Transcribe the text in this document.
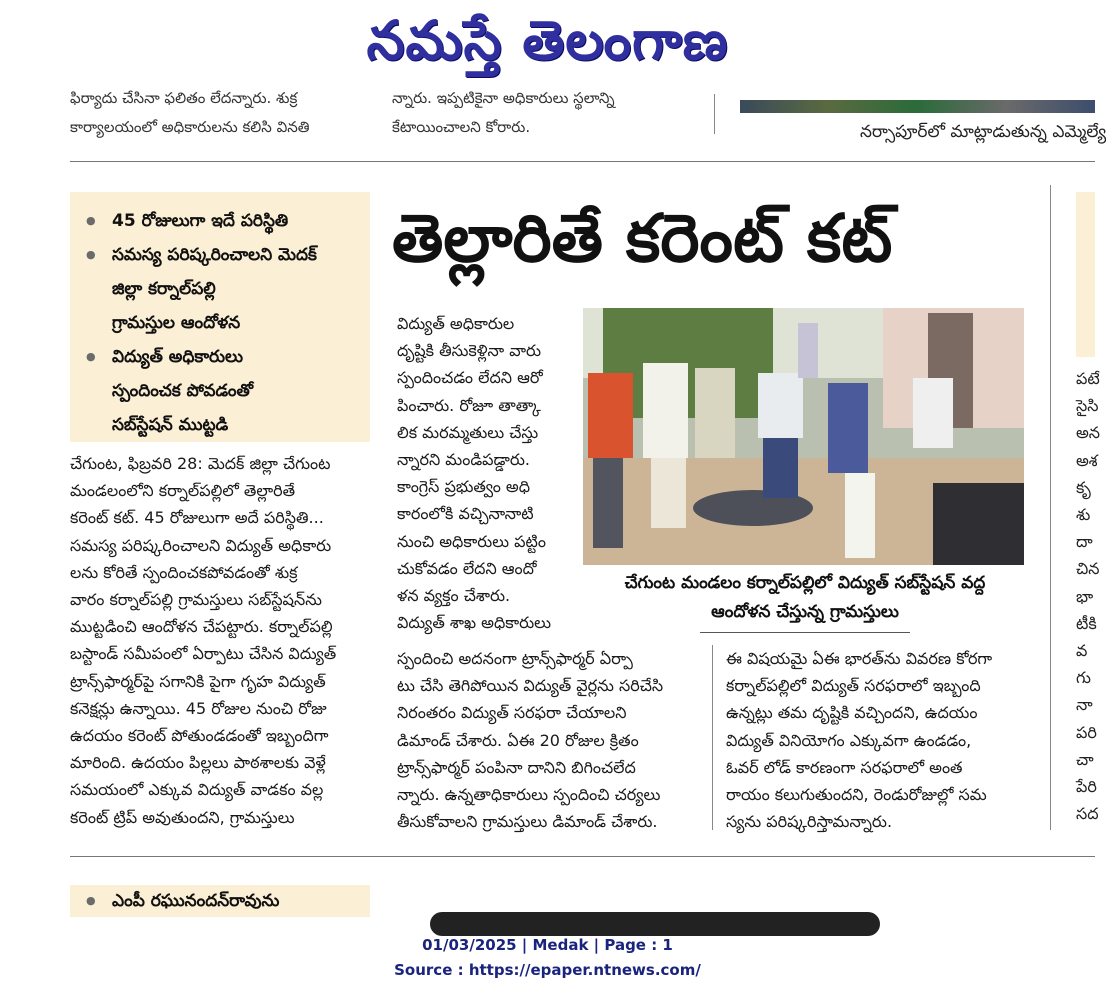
నమస్తే తెలంగాణ
ఫిర్యాదు చేసినా ఫలితం లేదన్నారు. శుక్ర
కార్యాలయంలో అధికారులను కలిసి వినతి
న్నారు. ఇప్పటికైనా అధికారులు స్థలాన్ని
కేటాయించాలని కోరారు.	నర్సాపూర్‌లో మాట్లాడుతున్న ఎమ్మెల్యే
● 45 రోజులుగా ఇదే పరిస్థితి
● సమస్య పరిష్కరించాలని మెదక్
జిల్లా కర్నాల్‌పల్లి
గ్రామస్తుల ఆందోళన
● విద్యుత్ అధికారులు
స్పందించక పోవడంతో
సబ్‌స్టేషన్ ముట్టడి
తెల్లారితే కరెంట్ కట్
చేగుంట, ఫిబ్రవరి 28: మెదక్ జిల్లా చేగుంట
మండలంలోని కర్నాల్‌పల్లిలో తెల్లారితే
కరెంట్ కట్. 45 రోజులుగా అదే పరిస్థితి...
సమస్య పరిష్కరించాలని విద్యుత్ అధికారు
లను కోరితే స్పందించకపోవడంతో శుక్ర
వారం కర్నాల్‌పల్లి గ్రామస్తులు సబ్‌స్టేషన్‌ను
ముట్టడించి ఆందోళన చేపట్టారు. కర్నాల్‌పల్లి
బస్టాండ్ సమీపంలో ఏర్పాటు చేసిన విద్యుత్
ట్రాన్స్‌ఫార్మర్‌పై సగానికి పైగా గృహ విద్యుత్
కనెక్షన్లు ఉన్నాయి. 45 రోజుల నుంచి రోజు
ఉదయం కరెంట్ పోతుండడంతో ఇబ్బందిగా
మారింది. ఉదయం పిల్లలు పాఠశాలకు వెళ్లే
సమయంలో ఎక్కువ విద్యుత్ వాడకం వల్ల
కరెంట్ ట్రిప్ అవుతుందని, గ్రామస్తులు
విద్యుత్ అధికారుల
దృష్టికి తీసుకెళ్లినా వారు
స్పందించడం లేదని ఆరో
పించారు. రోజూ తాత్కా
లిక మరమ్మతులు చేస్తు
న్నారని మండిపడ్డారు.
కాంగ్రెస్ ప్రభుత్వం అధి
కారంలోకి వచ్చినానాటి
నుంచి అధికారులు పట్టిం
చుకోవడం లేదని ఆందో
ళన వ్యక్తం చేశారు.
విద్యుత్ శాఖ అధికారులు
స్పందించి అదనంగా ట్రాన్స్‌ఫార్మర్ ఏర్పా
టు చేసి తెగిపోయిన విద్యుత్ వైర్లను సరిచేసి
నిరంతరం విద్యుత్ సరఫరా చేయాలని
డిమాండ్ చేశారు. ఏఈ 20 రోజుల క్రితం
ట్రాన్స్‌ఫార్మర్ పంపినా దానిని బిగించలేద
న్నారు. ఉన్నతాధికారులు స్పందించి చర్యలు
తీసుకోవాలని గ్రామస్తులు డిమాండ్ చేశారు.
ఈ విషయమై ఏఈ భారత్‌ను వివరణ కోరగా
కర్నాల్‌పల్లిలో విద్యుత్ సరఫరాలో ఇబ్బంది
ఉన్నట్లు తమ దృష్టికి వచ్చిందని, ఉదయం
విద్యుత్ వినియోగం ఎక్కువగా ఉండడం,
ఓవర్ లోడ్ కారణంగా సరఫరాలో అంత
రాయం కలుగుతుందని, రెండురోజుల్లో సమ
స్యను పరిష్కరిస్తామన్నారు.
చేగుంట మండలం కర్నాల్‌పల్లిలో విద్యుత్ సబ్‌స్టేషన్ వద్ద
ఆందోళన చేస్తున్న గ్రామస్తులు
పటే
సైసి
అన
అశ
కృ
శు
దా
చిన
భా
టీకి
వ
గు
నా
పరి
చా
పేరి
సద
● ఎంపీ రఘునందన్‌రావును
01/03/2025 | Medak | Page : 1
Source : https://epaper.ntnews.com/
